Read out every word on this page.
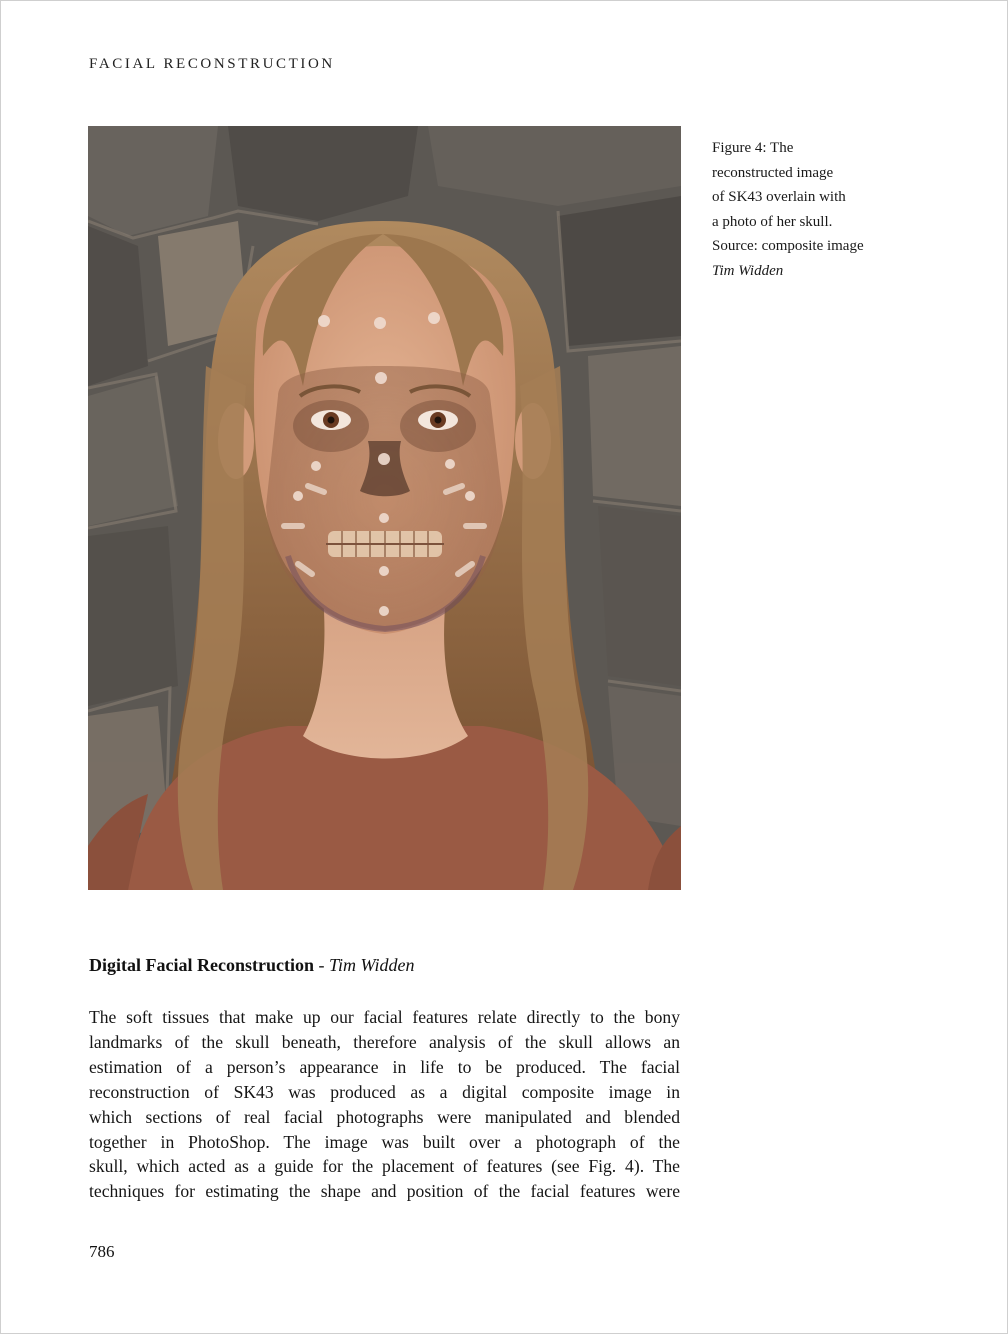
FACIAL RECONSTRUCTION
Figure 4: The
reconstructed image
of SK43 overlain with
a photo of her skull.
Source: composite image
Tim Widden
Digital Facial Reconstruction - Tim Widden
The soft tissues that make up our facial features relate directly to the bony
landmarks of the skull beneath, therefore analysis of the skull allows an
estimation of a person’s appearance in life to be produced. The facial
reconstruction of SK43 was produced as a digital composite image in
which sections of real facial photographs were manipulated and blended
together in PhotoShop. The image was built over a photograph of the
skull, which acted as a guide for the placement of features (see Fig. 4). The
techniques for estimating the shape and position of the facial features were
786
